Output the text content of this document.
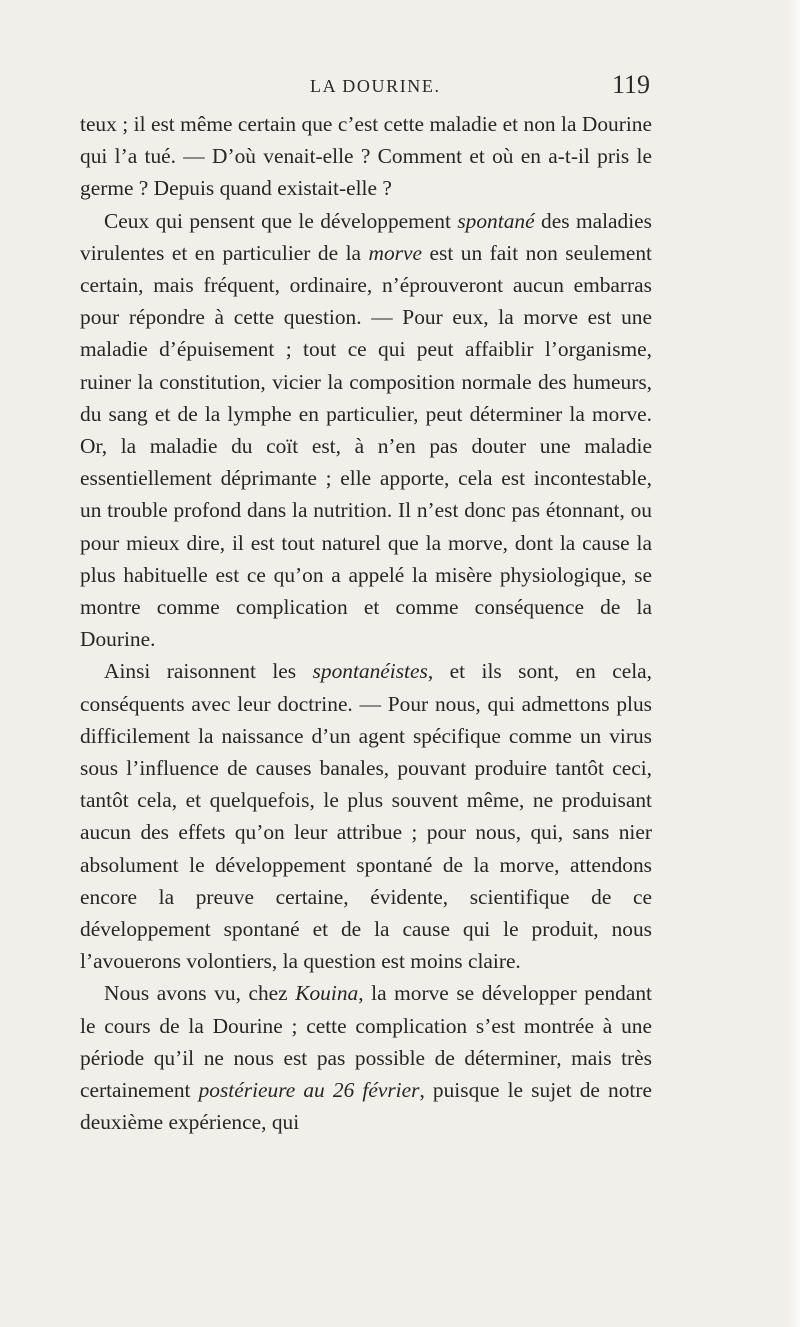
LA DOURINE.	119

teux ; il est même certain que c’est cette maladie et non la Dourine qui l’a tué. — D’où venait-elle ? Comment et où en a-t-il pris le germe ? Depuis quand existait-elle ?

Ceux qui pensent que le développement spontané des maladies virulentes et en particulier de la morve est un fait non seulement certain, mais fréquent, ordinaire, n’éprouveront aucun embarras pour répondre à cette question. — Pour eux, la morve est une maladie d’épuisement ; tout ce qui peut affaiblir l’organisme, ruiner la constitution, vicier la composition normale des humeurs, du sang et de la lymphe en particulier, peut déterminer la morve. Or, la maladie du coït est, à n’en pas douter une maladie essentiellement déprimante ; elle apporte, cela est incontestable, un trouble profond dans la nutrition. Il n’est donc pas étonnant, ou pour mieux dire, il est tout naturel que la morve, dont la cause la plus habituelle est ce qu’on a appelé la misère physiologique, se montre comme complication et comme conséquence de la Dourine.

Ainsi raisonnent les spontanéistes, et ils sont, en cela, conséquents avec leur doctrine. — Pour nous, qui admettons plus difficilement la naissance d’un agent spécifique comme un virus sous l’influence de causes banales, pouvant produire tantôt ceci, tantôt cela, et quelquefois, le plus souvent même, ne produisant aucun des effets qu’on leur attribue ; pour nous, qui, sans nier absolument le développement spontané de la morve, attendons encore la preuve certaine, évidente, scientifique de ce développement spontané et de la cause qui le produit, nous l’avouerons volontiers, la question est moins claire.

Nous avons vu, chez Kouina, la morve se développer pendant le cours de la Dourine ; cette complication s’est montrée à une période qu’il ne nous est pas possible de déterminer, mais très certainement postérieure au 26 février, puisque le sujet de notre deuxième expérience, qui
